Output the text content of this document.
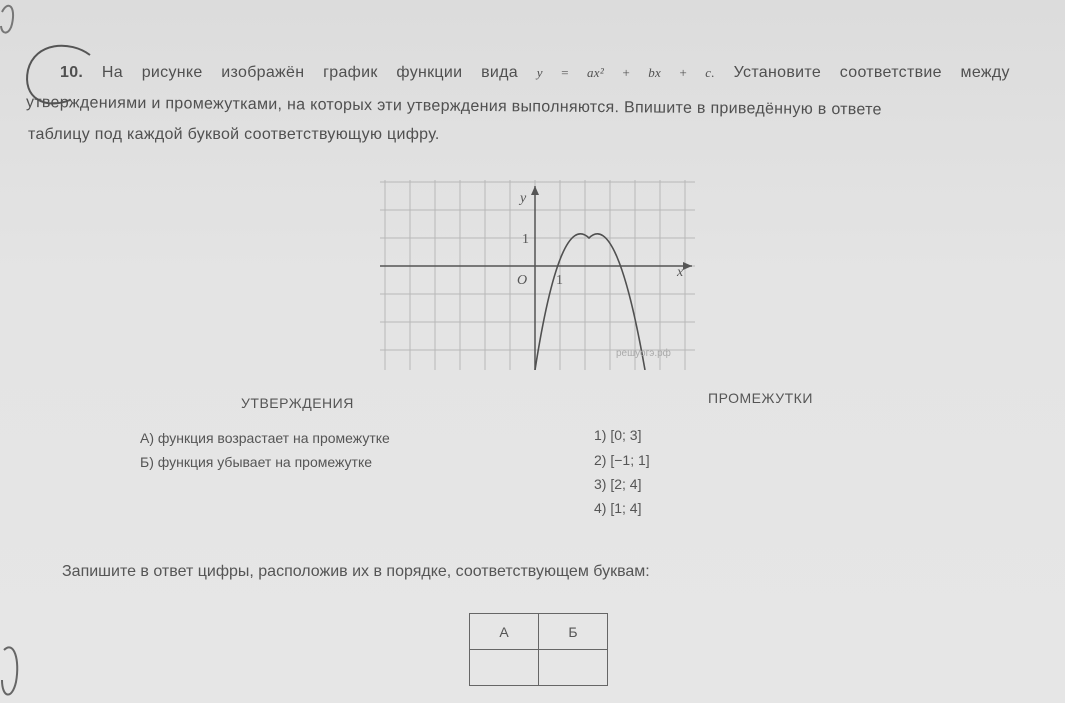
10. На рисунке изображён график функции вида y = ax² + bx + c. Установите соответствие между
утверждениями и промежутками, на которых эти утверждения выполняются. Впишите в приведённую в ответе
таблицу под каждой буквой соответствующую цифру.
y
x
O
1
1
решуогэ.рф
УТВЕРЖДЕНИЯ	ПРОМЕЖУТКИ
А) функция возрастает на промежутке
Б) функция убывает на промежутке
1) [0; 3]
2) [−1; 1]
3) [2; 4]
4) [1; 4]
Запишите в ответ цифры, расположив их в порядке, соответствующем буквам:
А	Б
